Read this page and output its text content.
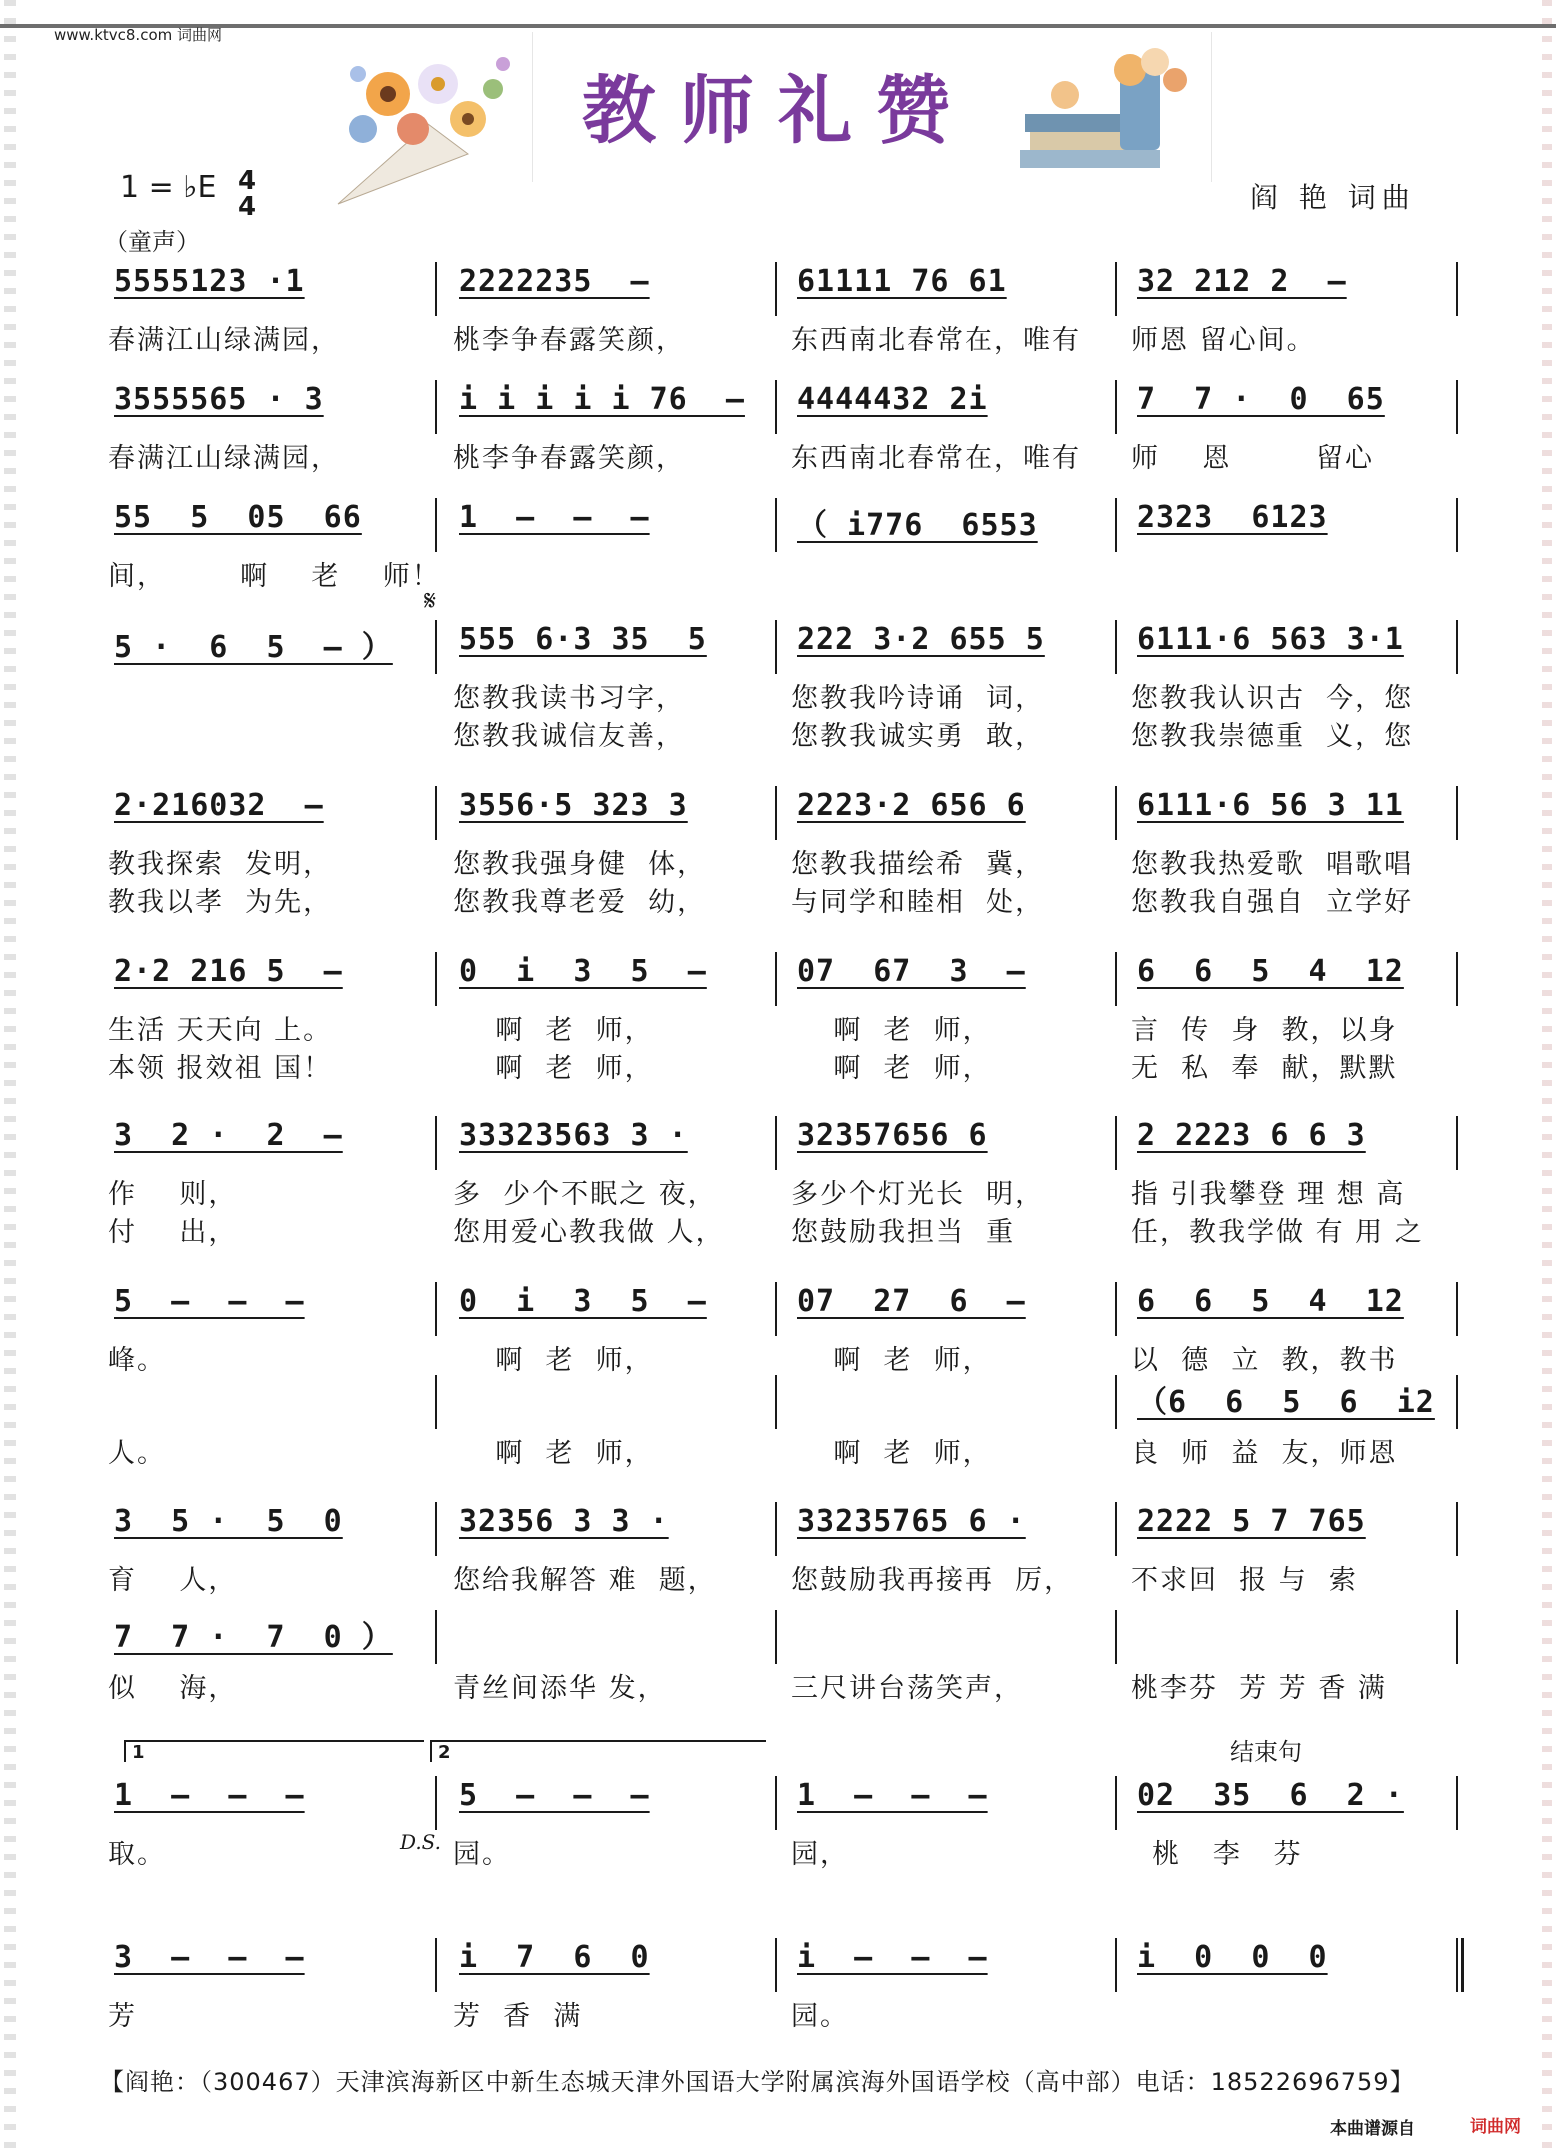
www.ktvc8.com 词曲网
教师礼赞
1 = ♭E 4
4	阎 艳 词曲
（童声）
𝄋
D.S.
结束句
1	2
5555123 ·1	2222235  –	61111 76 61	32 212 2  –
春满江山绿满园，	桃李争春露笑颜，	东西南北春常在，唯有 师恩 留心间。
3555565 · 3	i i i i i 76  – 4444432 2i	7  7 ·  0  65
春满江山绿满园，	桃李争春露笑颜，	东西南北春常在，唯有 师    恩        留心
55  5  05  66	1  –  –  –	（ i776  6553	2323  6123
间，       啊    老    师！
5 ·  6  5  – ） 555 6·3 35  5	222 3·2 655 5	6111·6 563 3·1
您教我读书习字，	您教我吟诗诵  词，	您教我认识古  今，您
您教我诚信友善，	您教我诚实勇  敢，	您教我崇德重  义，您
2·216032  –	3556·5 323 3	2223·2 656 6	6111·6 56 3 11
教我探索  发明，	您教我强身健  体，	您教我描绘希  冀，	您教我热爱歌  唱歌唱
教我以孝  为先，	您教我尊老爱  幼，	与同学和睦相  处，	您教我自强自  立学好
2·2 216 5  –	0  i  3  5  –	07  67  3  –	6  6  5  4  12
生活 天天向 上。	啊  老  师，	啊  老  师，	言  传  身  教，以身
本领 报效祖 国！	啊  老  师，	啊  老  师，	无  私  奉  献，默默
3  2 ·  2  –	33323563 3 ·	32357656 6	2 2223 6 6 3
作    则，	多  少个不眠之 夜，	多少个灯光长  明，	指 引我攀登 理 想 高
付    出，	您用爱心教我做 人， 您鼓励我担当  重	任，教我学做 有 用 之
5  –  –  –	0  i  3  5  –	07  27  6  –	6  6  5  4  12
峰。	啊  老  师，	啊  老  师，	以  德  立  教，教书
（6  6  5  6  i2
人。	啊  老  师，	啊  老  师，	良  师  益  友，师恩
3  5 ·  5  0	32356 3 3 ·	33235765 6 ·	2222 5 7 765
育    人，	您给我解答 难  题，	您鼓励我再接再  厉， 不求回  报 与  索
7  7 ·  7  0 ）
似    海，	青丝间添华 发，	三尺讲台荡笑声，	桃李芬  芳 芳 香 满
1  –  –  –	5  –  –  –	1  –  –  –	02  35  6  2 ·
取。	园。	园，	桃   李   芬
3  –  –  –	i  7  6  0	i  –  –  –	i  0  0  0
芳	芳  香  满	园。
【阎艳：（300467）天津滨海新区中新生态城天津外国语大学附属滨海外国语学校（高中部）电话：18522696759】
本曲谱源自	词曲网
